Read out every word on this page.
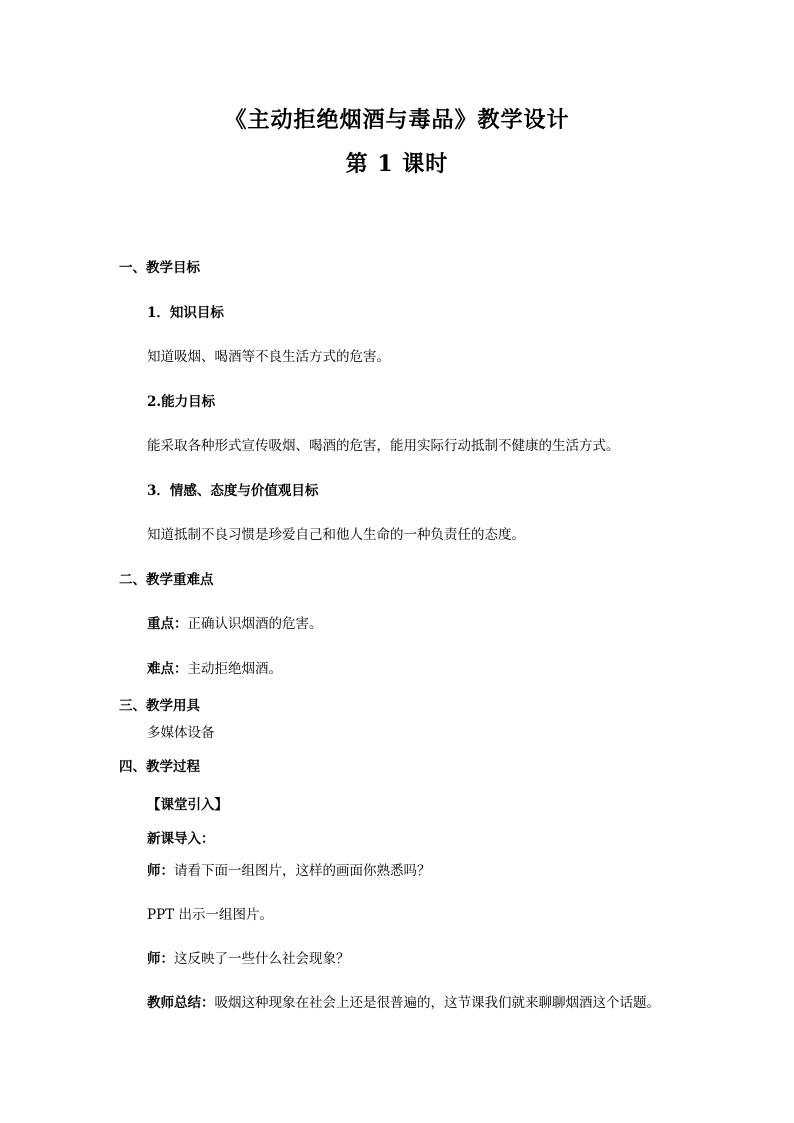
《主动拒绝烟酒与毒品》教学设计
第 1 课时
一、教学目标
1．知识目标
知道吸烟、喝酒等不良生活方式的危害。
2.能力目标
能采取各种形式宣传吸烟、喝酒的危害，能用实际行动抵制不健康的生活方式。
3．情感、态度与价值观目标
知道抵制不良习惯是珍爱自己和他人生命的一种负责任的态度。
二、教学重难点
重点：正确认识烟酒的危害。
难点：主动拒绝烟酒。
三、教学用具
多媒体设备
四、教学过程
【课堂引入】
新课导入：
师：请看下面一组图片，这样的画面你熟悉吗？
PPT 出示一组图片。
师：这反映了一些什么社会现象？
教师总结：吸烟这种现象在社会上还是很普遍的，这节课我们就来聊聊烟酒这个话题。
